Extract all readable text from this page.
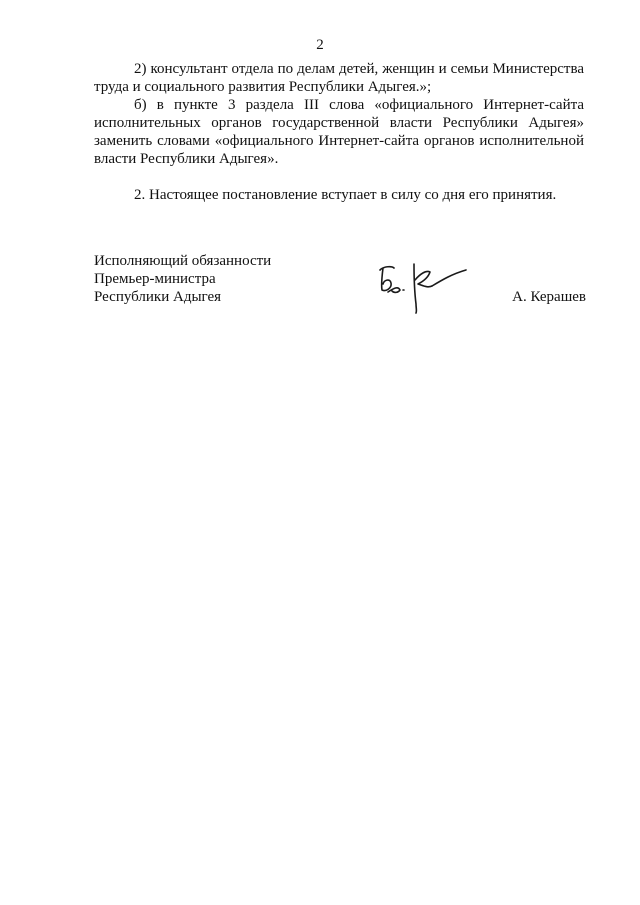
2

2) консультант отдела по делам детей, женщин и семьи Министерства труда и социального развития Республики Адыгея.»;

б) в пункте 3 раздела III слова «официального Интернет-сайта исполнительных органов государственной власти Республики Адыгея» заменить словами «официального Интернет-сайта органов исполнительной власти Республики Адыгея».

2. Настоящее постановление вступает в силу со дня его принятия.

Исполняющий обязанности
Премьер-министра
Республики Адыгея	А. Керашев
